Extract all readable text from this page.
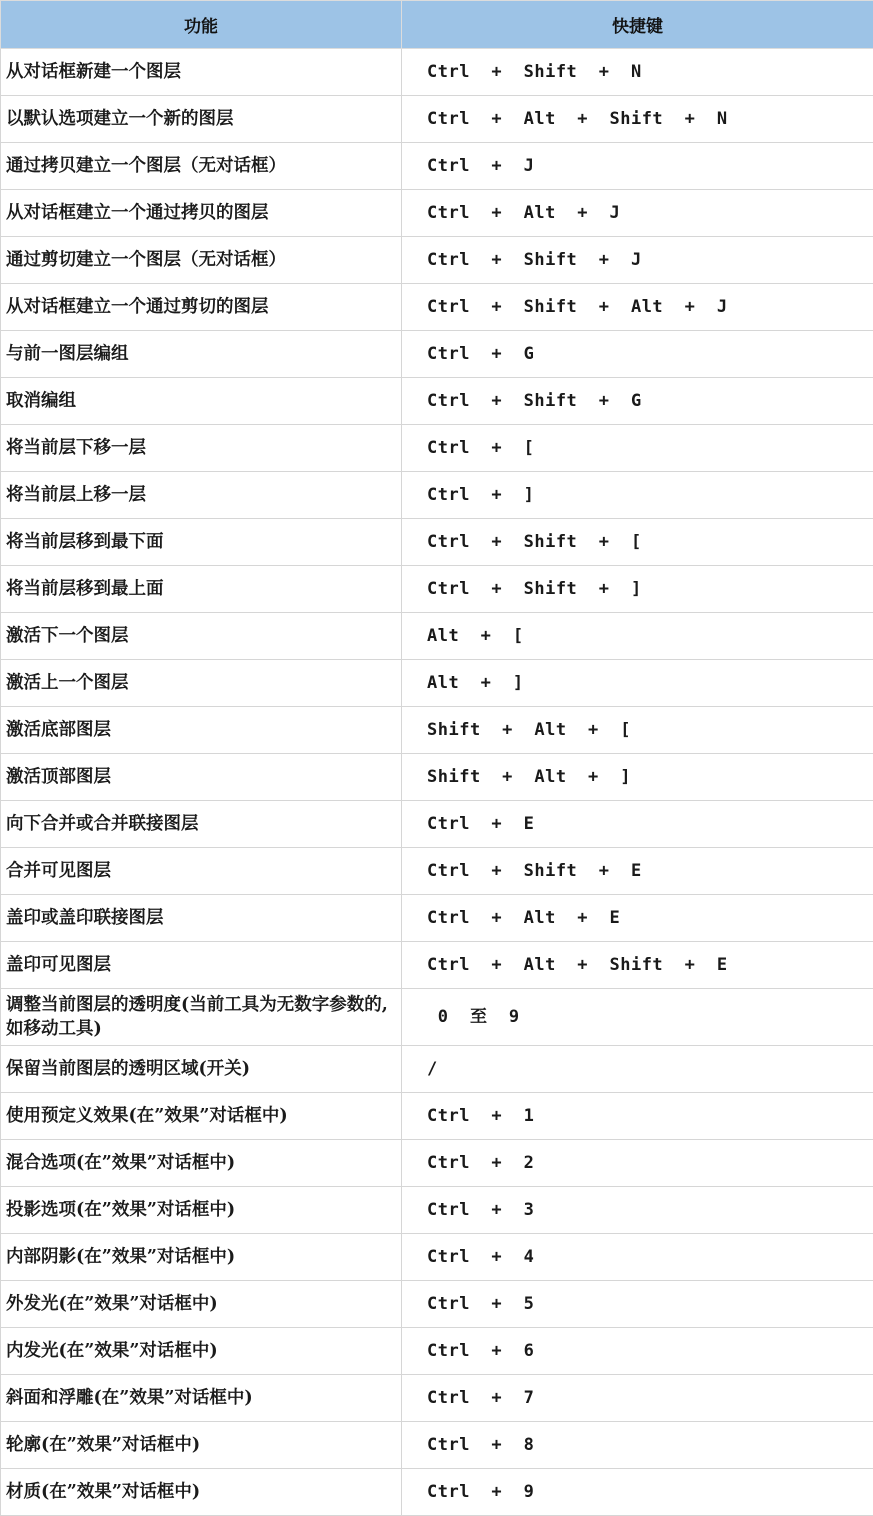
功能	快捷键
从对话框新建一个图层	Ctrl  +  Shift  +  N
以默认选项建立一个新的图层	Ctrl  +  Alt  +  Shift  +  N
通过拷贝建立一个图层（无对话框）	Ctrl  +  J
从对话框建立一个通过拷贝的图层	Ctrl  +  Alt  +  J
通过剪切建立一个图层（无对话框）	Ctrl  +  Shift  +  J
从对话框建立一个通过剪切的图层	Ctrl  +  Shift  +  Alt  +  J
与前一图层编组	Ctrl  +  G
取消编组	Ctrl  +  Shift  +  G
将当前层下移一层	Ctrl  +  [
将当前层上移一层	Ctrl  +  ]
将当前层移到最下面	Ctrl  +  Shift  +  [
将当前层移到最上面	Ctrl  +  Shift  +  ]
激活下一个图层	Alt  +  [
激活上一个图层	Alt  +  ]
激活底部图层	Shift  +  Alt  +  [
激活顶部图层	Shift  +  Alt  +  ]
向下合并或合并联接图层	Ctrl  +  E
合并可见图层	Ctrl  +  Shift  +  E
盖印或盖印联接图层	Ctrl  +  Alt  +  E
盖印可见图层	Ctrl  +  Alt  +  Shift  +  E
调整当前图层的透明度(当前工具为无数字参数的,如移动工具)	0  至  9
保留当前图层的透明区域(开关)	/
使用预定义效果(在”效果”对话框中)	Ctrl  +  1
混合选项(在”效果”对话框中)	Ctrl  +  2
投影选项(在”效果”对话框中)	Ctrl  +  3
内部阴影(在”效果”对话框中)	Ctrl  +  4
外发光(在”效果”对话框中)	Ctrl  +  5
内发光(在”效果”对话框中)	Ctrl  +  6
斜面和浮雕(在”效果”对话框中)	Ctrl  +  7
轮廓(在”效果”对话框中)	Ctrl  +  8
材质(在”效果”对话框中)	Ctrl  +  9
